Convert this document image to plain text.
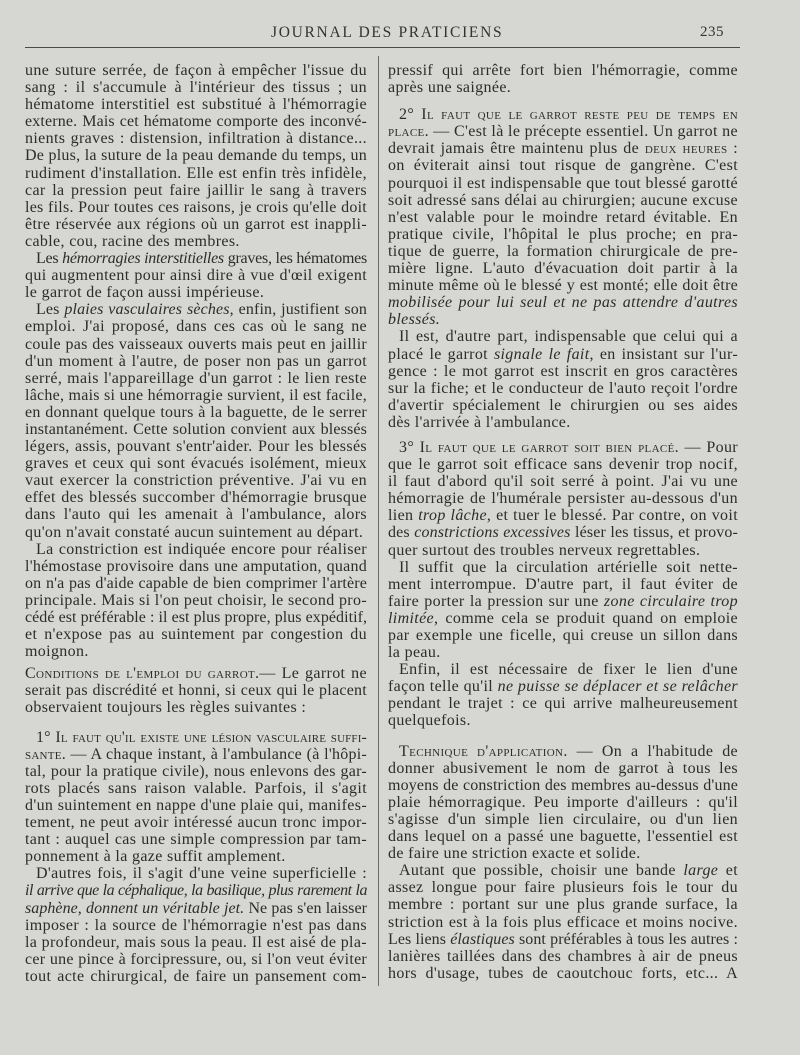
JOURNAL DES PRATICIENS	235
une suture serrée, de façon à empêcher l'issue du
sang : il s'accumule à l'intérieur des tissus ; un
hématome interstitiel est substitué à l'hémorragie
externe. Mais cet hématome comporte des inconvé-
nients graves : distension, infiltration à distance...
De plus, la suture de la peau demande du temps, un
rudiment d'installation. Elle est enfin très infidèle,
car la pression peut faire jaillir le sang à travers
les fils. Pour toutes ces raisons, je crois qu'elle doit
être réservée aux régions où un garrot est inappli-
cable, cou, racine des membres.
Les hémorragies interstitielles graves, les hématomes
qui augmentent pour ainsi dire à vue d'œil exigent
le garrot de façon aussi impérieuse.
Les plaies vasculaires sèches, enfin, justifient son
emploi. J'ai proposé, dans ces cas où le sang ne
coule pas des vaisseaux ouverts mais peut en jaillir
d'un moment à l'autre, de poser non pas un garrot
serré, mais l'appareillage d'un garrot : le lien reste
lâche, mais si une hémorragie survient, il est facile,
en donnant quelque tours à la baguette, de le serrer
instantanément. Cette solution convient aux blessés
légers, assis, pouvant s'entr'aider. Pour les blessés
graves et ceux qui sont évacués isolément, mieux
vaut exercer la constriction préventive. J'ai vu en
effet des blessés succomber d'hémorragie brusque
dans l'auto qui les amenait à l'ambulance, alors
qu'on n'avait constaté aucun suintement au départ.
La constriction est indiquée encore pour réaliser
l'hémostase provisoire dans une amputation, quand
on n'a pas d'aide capable de bien comprimer l'artère
principale. Mais si l'on peut choisir, le second pro-
cédé est préférable : il est plus propre, plus expéditif,
et n'expose pas au suintement par congestion du
moignon.
Conditions de l'emploi du garrot.— Le garrot ne
serait pas discrédité et honni, si ceux qui le placent
observaient toujours les règles suivantes :
1° Il faut qu'il existe une lésion vasculaire suffi-
sante. — A chaque instant, à l'ambulance (à l'hôpi-
tal, pour la pratique civile), nous enlevons des gar-
rots placés sans raison valable. Parfois, il s'agit
d'un suintement en nappe d'une plaie qui, manifes-
tement, ne peut avoir intéressé aucun tronc impor-
tant : auquel cas une simple compression par tam-
ponnement à la gaze suffit amplement.
D'autres fois, il s'agit d'une veine superficielle :
il arrive que la céphalique, la basilique, plus rarement la
saphène, donnent un véritable jet. Ne pas s'en laisser
imposer : la source de l'hémorragie n'est pas dans
la profondeur, mais sous la peau. Il est aisé de pla-
cer une pince à forcipressure, ou, si l'on veut éviter
tout acte chirurgical, de faire un pansement com-
pressif qui arrête fort bien l'hémorragie, comme
après une saignée.
2° Il faut que le garrot reste peu de temps en
place. — C'est là le précepte essentiel. Un garrot ne
devrait jamais être maintenu plus de deux heures :
on éviterait ainsi tout risque de gangrène. C'est
pourquoi il est indispensable que tout blessé garotté
soit adressé sans délai au chirurgien; aucune excuse
n'est valable pour le moindre retard évitable. En
pratique civile, l'hôpital le plus proche; en pra-
tique de guerre, la formation chirurgicale de pre-
mière ligne. L'auto d'évacuation doit partir à la
minute même où le blessé y est monté; elle doit être
mobilisée pour lui seul et ne pas attendre d'autres
blessés.
Il est, d'autre part, indispensable que celui qui a
placé le garrot signale le fait, en insistant sur l'ur-
gence : le mot garrot est inscrit en gros caractères
sur la fiche; et le conducteur de l'auto reçoit l'ordre
d'avertir spécialement le chirurgien ou ses aides
dès l'arrivée à l'ambulance.
3° Il faut que le garrot soit bien placé. — Pour
que le garrot soit efficace sans devenir trop nocif,
il faut d'abord qu'il soit serré à point. J'ai vu une
hémorragie de l'humérale persister au-dessous d'un
lien trop lâche, et tuer le blessé. Par contre, on voit
des constrictions excessives léser les tissus, et provo-
quer surtout des troubles nerveux regrettables.
Il suffit que la circulation artérielle soit nette-
ment interrompue. D'autre part, il faut éviter de
faire porter la pression sur une zone circulaire trop
limitée, comme cela se produit quand on emploie
par exemple une ficelle, qui creuse un sillon dans
la peau.
Enfin, il est nécessaire de fixer le lien d'une
façon telle qu'il ne puisse se déplacer et se relâcher
pendant le trajet : ce qui arrive malheureusement
quelquefois.
Technique d'application. — On a l'habitude de
donner abusivement le nom de garrot à tous les
moyens de constriction des membres au-dessus d'une
plaie hémorragique. Peu importe d'ailleurs : qu'il
s'agisse d'un simple lien circulaire, ou d'un lien
dans lequel on a passé une baguette, l'essentiel est
de faire une striction exacte et solide.
Autant que possible, choisir une bande large et
assez longue pour faire plusieurs fois le tour du
membre : portant sur une plus grande surface, la
striction est à la fois plus efficace et moins nocive.
Les liens élastiques sont préférables à tous les autres :
lanières taillées dans des chambres à air de pneus
hors d'usage, tubes de caoutchouc forts, etc... A
